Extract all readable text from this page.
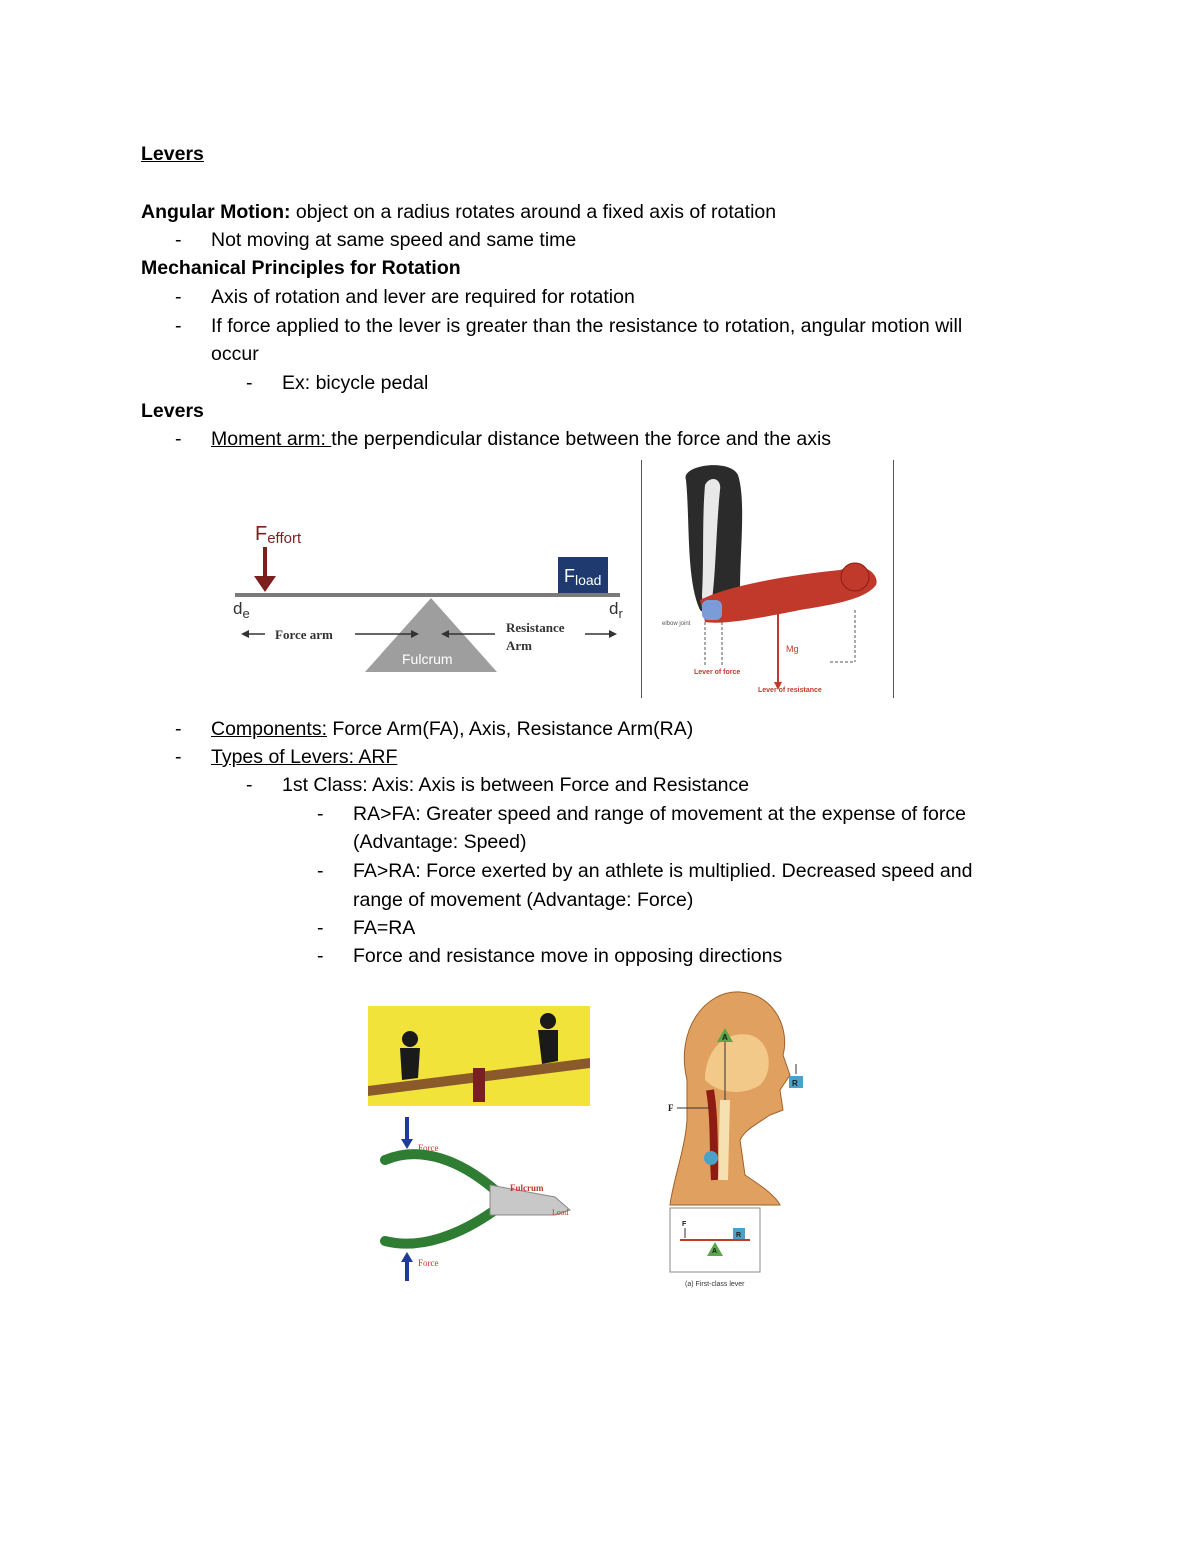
Levers
Angular Motion: object on a radius rotates around a fixed axis of rotation
- Not moving at same speed and same time
Mechanical Principles for Rotation
- Axis of rotation and lever are required for rotation
- If force applied to the lever is greater than the resistance to rotation, angular motion will
occur
- Ex: bicycle pedal
Levers
- Moment arm: the perpendicular distance between the force and the axis
Feffort
Fload
Fulcrum
$d_e$	$d_r$
Force arm	Resistance
Arm
elbow joint
Mg
Lever of force
Lever of resistance
- Components: Force Arm(FA), Axis, Resistance Arm(RA)
- Types of Levers: ARF
- 1st Class: Axis: Axis is between Force and Resistance
- RA>FA: Greater speed and range of movement at the expense of force
(Advantage: Speed)
- FA>RA: Force exerted by an athlete is multiplied. Decreased speed and
range of movement (Advantage: Force)
- FA=RA
- Force and resistance move in opposing directions
Force
Fulcrum
Load
Force
A
R
F
A
R
F
(a) First-class lever
